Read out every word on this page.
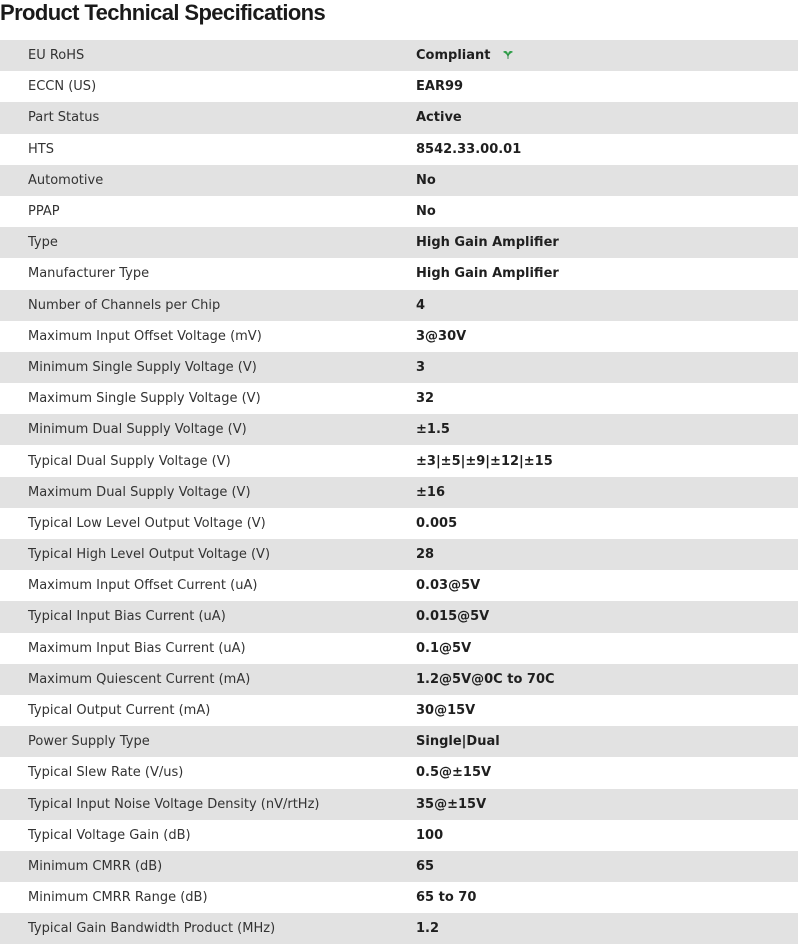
Product Technical Specifications
EU RoHS	Compliant
ECCN (US)	EAR99
Part Status	Active
HTS	8542.33.00.01
Automotive	No
PPAP	No
Type	High Gain Amplifier
Manufacturer Type	High Gain Amplifier
Number of Channels per Chip	4
Maximum Input Offset Voltage (mV)	3@30V
Minimum Single Supply Voltage (V)	3
Maximum Single Supply Voltage (V)	32
Minimum Dual Supply Voltage (V)	±1.5
Typical Dual Supply Voltage (V)	±3|±5|±9|±12|±15
Maximum Dual Supply Voltage (V)	±16
Typical Low Level Output Voltage (V)	0.005
Typical High Level Output Voltage (V)	28
Maximum Input Offset Current (uA)	0.03@5V
Typical Input Bias Current (uA)	0.015@5V
Maximum Input Bias Current (uA)	0.1@5V
Maximum Quiescent Current (mA)	1.2@5V@0C to 70C
Typical Output Current (mA)	30@15V
Power Supply Type	Single|Dual
Typical Slew Rate (V/us)	0.5@±15V
Typical Input Noise Voltage Density (nV/rtHz)	35@±15V
Typical Voltage Gain (dB)	100
Minimum CMRR (dB)	65
Minimum CMRR Range (dB)	65 to 70
Typical Gain Bandwidth Product (MHz)	1.2
